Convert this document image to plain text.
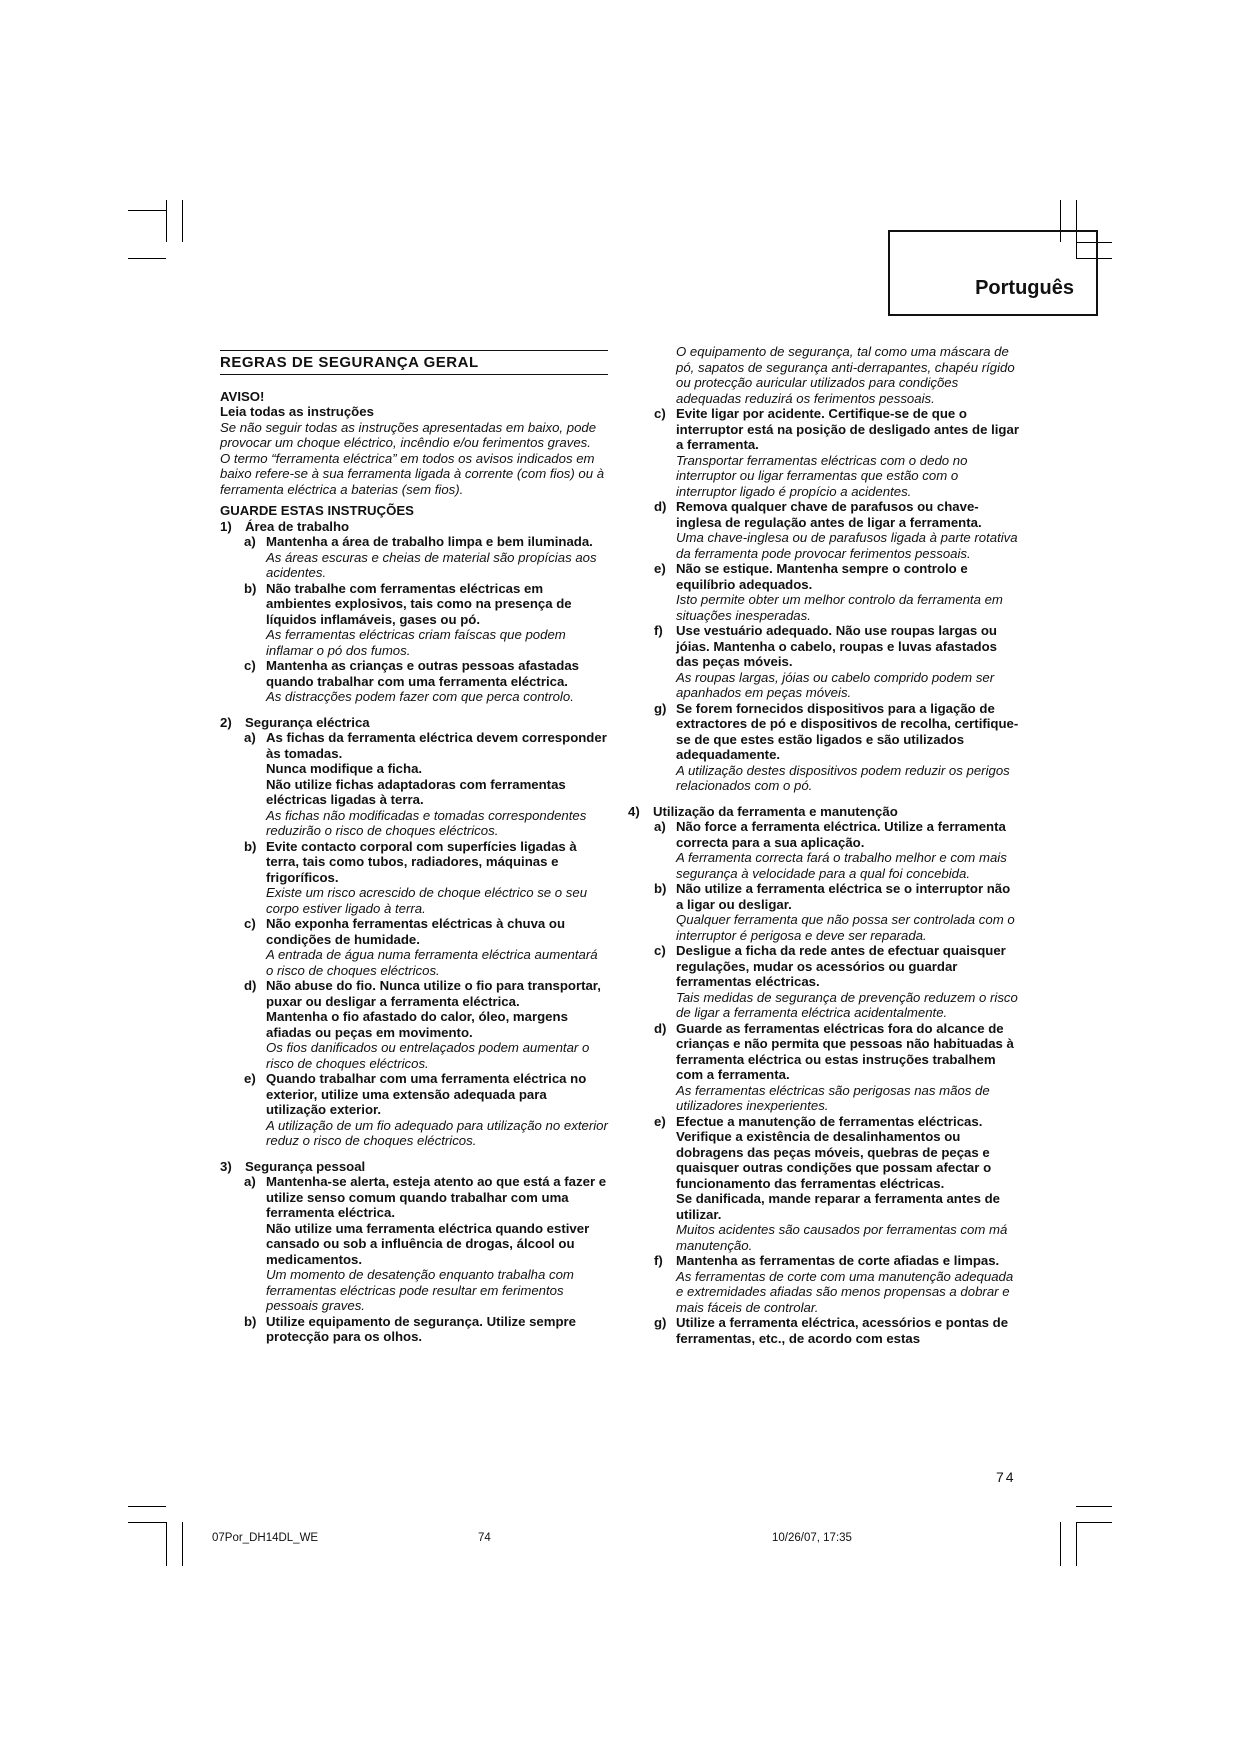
Português
REGRAS DE SEGURANÇA GERAL
AVISO!
Leia todas as instruções
Se não seguir todas as instruções apresentadas em baixo, pode provocar um choque eléctrico, incêndio e/ou ferimentos graves.
O termo “ferramenta eléctrica” em todos os avisos indicados em baixo refere-se à sua ferramenta ligada à corrente (com fios) ou à ferramenta eléctrica a baterias (sem fios).
GUARDE ESTAS INSTRUÇÕES
1) Área de trabalho
a) Mantenha a área de trabalho limpa e bem iluminada.
As áreas escuras e cheias de material são propícias aos acidentes.
b) Não trabalhe com ferramentas eléctricas em ambientes explosivos, tais como na presença de líquidos inflamáveis, gases ou pó.
As ferramentas eléctricas criam faíscas que podem inflamar o pó dos fumos.
c) Mantenha as crianças e outras pessoas afastadas quando trabalhar com uma ferramenta eléctrica.
As distracções podem fazer com que perca controlo.
2) Segurança eléctrica
a) As fichas da ferramenta eléctrica devem corresponder às tomadas.
Nunca modifique a ficha.
Não utilize fichas adaptadoras com ferramentas eléctricas ligadas à terra.
As fichas não modificadas e tomadas correspondentes reduzirão o risco de choques eléctricos.
b) Evite contacto corporal com superfícies ligadas à terra, tais como tubos, radiadores, máquinas e frigoríficos.
Existe um risco acrescido de choque eléctrico se o seu corpo estiver ligado à terra.
c) Não exponha ferramentas eléctricas à chuva ou condições de humidade.
A entrada de água numa ferramenta eléctrica aumentará o risco de choques eléctricos.
d) Não abuse do fio. Nunca utilize o fio para transportar, puxar ou desligar a ferramenta eléctrica.
Mantenha o fio afastado do calor, óleo, margens afiadas ou peças em movimento.
Os fios danificados ou entrelaçados podem aumentar o risco de choques eléctricos.
e) Quando trabalhar com uma ferramenta eléctrica no exterior, utilize uma extensão adequada para utilização exterior.
A utilização de um fio adequado para utilização no exterior reduz o risco de choques eléctricos.
3) Segurança pessoal
a) Mantenha-se alerta, esteja atento ao que está a fazer e utilize senso comum quando trabalhar com uma ferramenta eléctrica.
Não utilize uma ferramenta eléctrica quando estiver cansado ou sob a influência de drogas, álcool ou medicamentos.
Um momento de desatenção enquanto trabalha com ferramentas eléctricas pode resultar em ferimentos pessoais graves.
b) Utilize equipamento de segurança. Utilize sempre protecção para os olhos.
O equipamento de segurança, tal como uma máscara de pó, sapatos de segurança anti-derrapantes, chapéu rígido ou protecção auricular utilizados para condições adequadas reduzirá os ferimentos pessoais.
c) Evite ligar por acidente. Certifique-se de que o interruptor está na posição de desligado antes de ligar a ferramenta.
Transportar ferramentas eléctricas com o dedo no interruptor ou ligar ferramentas que estão com o interruptor ligado é propício a acidentes.
d) Remova qualquer chave de parafusos ou chave-inglesa de regulação antes de ligar a ferramenta.
Uma chave-inglesa ou de parafusos ligada à parte rotativa da ferramenta pode provocar ferimentos pessoais.
e) Não se estique. Mantenha sempre o controlo e equilíbrio adequados.
Isto permite obter um melhor controlo da ferramenta em situações inesperadas.
f) Use vestuário adequado. Não use roupas largas ou jóias. Mantenha o cabelo, roupas e luvas afastados das peças móveis.
As roupas largas, jóias ou cabelo comprido podem ser apanhados em peças móveis.
g) Se forem fornecidos dispositivos para a ligação de extractores de pó e dispositivos de recolha, certifique-se de que estes estão ligados e são utilizados adequadamente.
A utilização destes dispositivos podem reduzir os perigos relacionados com o pó.
4) Utilização da ferramenta e manutenção
a) Não force a ferramenta eléctrica. Utilize a ferramenta correcta para a sua aplicação.
A ferramenta correcta fará o trabalho melhor e com mais segurança à velocidade para a qual foi concebida.
b) Não utilize a ferramenta eléctrica se o interruptor não a ligar ou desligar.
Qualquer ferramenta que não possa ser controlada com o interruptor é perigosa e deve ser reparada.
c) Desligue a ficha da rede antes de efectuar quaisquer regulações, mudar os acessórios ou guardar ferramentas eléctricas.
Tais medidas de segurança de prevenção reduzem o risco de ligar a ferramenta eléctrica acidentalmente.
d) Guarde as ferramentas eléctricas fora do alcance de crianças e não permita que pessoas não habituadas à ferramenta eléctrica ou estas instruções trabalhem com a ferramenta.
As ferramentas eléctricas são perigosas nas mãos de utilizadores inexperientes.
e) Efectue a manutenção de ferramentas eléctricas. Verifique a existência de desalinhamentos ou dobragens das peças móveis, quebras de peças e quaisquer outras condições que possam afectar o funcionamento das ferramentas eléctricas.
Se danificada, mande reparar a ferramenta antes de utilizar.
Muitos acidentes são causados por ferramentas com má manutenção.
f) Mantenha as ferramentas de corte afiadas e limpas.
As ferramentas de corte com uma manutenção adequada e extremidades afiadas são menos propensas a dobrar e mais fáceis de controlar.
g) Utilize a ferramenta eléctrica, acessórios e pontas de ferramentas, etc., de acordo com estas
74
07Por_DH14DL_WE	74	10/26/07, 17:35
